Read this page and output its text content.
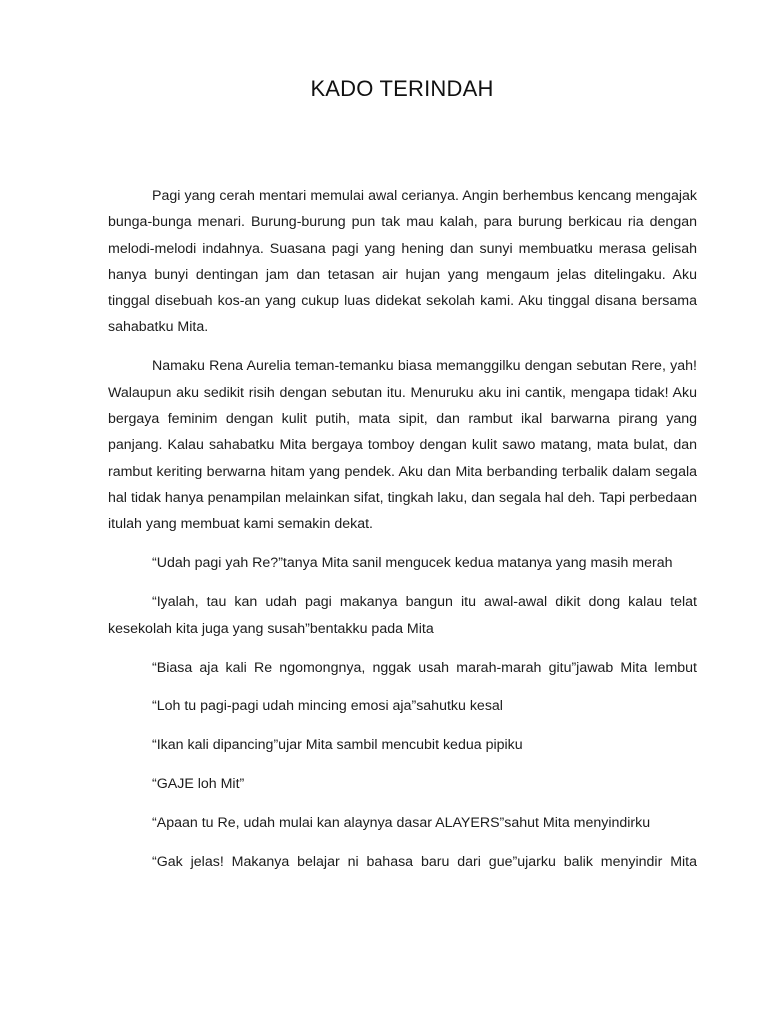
KADO TERINDAH

Pagi yang cerah mentari memulai awal cerianya. Angin berhembus kencang mengajak bunga-bunga menari. Burung-burung pun tak mau kalah, para burung berkicau ria dengan melodi-melodi indahnya. Suasana pagi yang hening dan sunyi membuatku merasa gelisah hanya bunyi dentingan jam dan tetasan air hujan yang mengaum jelas ditelingaku. Aku tinggal disebuah kos-an yang cukup luas didekat sekolah kami. Aku tinggal disana bersama sahabatku Mita.

Namaku Rena Aurelia teman-temanku biasa memanggilku dengan sebutan Rere, yah! Walaupun aku sedikit risih dengan sebutan itu. Menuruku aku ini cantik, mengapa tidak! Aku bergaya feminim dengan kulit putih, mata sipit, dan rambut ikal barwarna pirang yang panjang. Kalau sahabatku Mita bergaya tomboy dengan kulit sawo matang, mata bulat, dan rambut keriting berwarna hitam yang pendek. Aku dan Mita berbanding terbalik dalam segala hal tidak hanya penampilan melainkan sifat, tingkah laku, dan segala hal deh. Tapi perbedaan itulah yang membuat kami semakin dekat.

“Udah pagi yah Re?”tanya Mita sanil mengucek kedua matanya yang masih merah

“Iyalah, tau kan udah pagi makanya bangun itu awal-awal dikit dong kalau telat kesekolah kita juga yang susah”bentakku pada Mita

“Biasa aja kali Re ngomongnya, nggak usah marah-marah gitu”jawab Mita lembut

“Loh tu pagi-pagi udah mincing emosi aja”sahutku kesal

“Ikan kali dipancing”ujar Mita sambil mencubit kedua pipiku

“GAJE loh Mit”

“Apaan tu Re, udah mulai kan alaynya dasar ALAYERS”sahut Mita menyindirku

“Gak jelas! Makanya belajar ni bahasa baru dari gue”ujarku balik menyindir Mita
